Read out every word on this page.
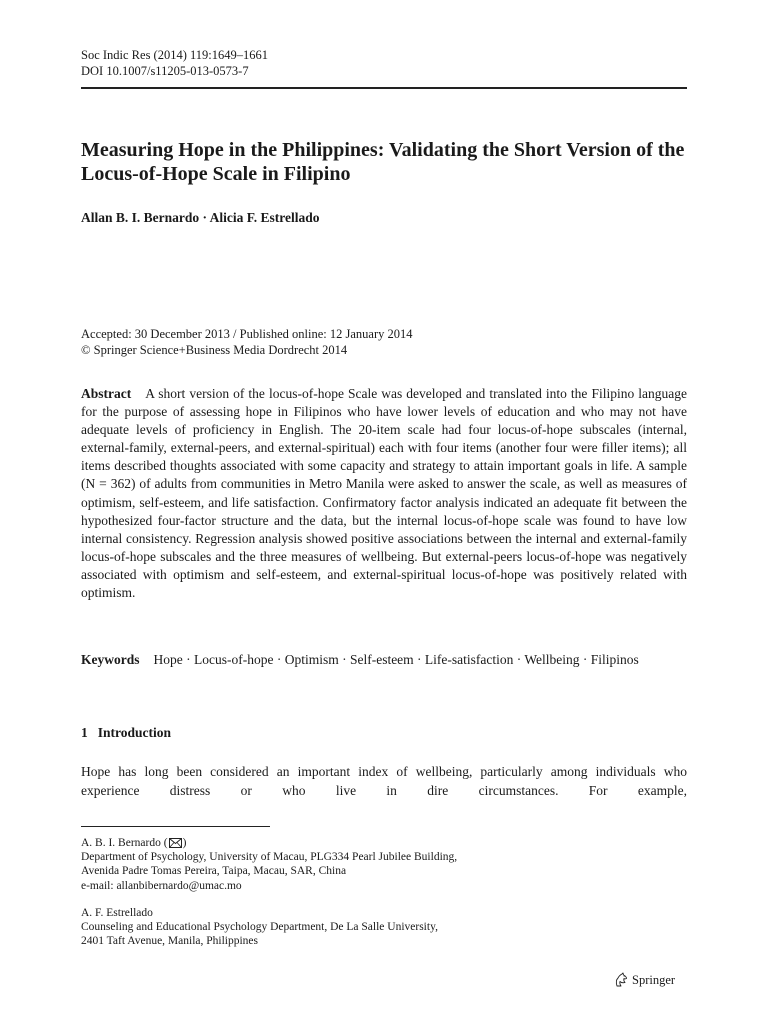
Soc Indic Res (2014) 119:1649–1661
DOI 10.1007/s11205-013-0573-7
Measuring Hope in the Philippines: Validating the Short Version of the Locus-of-Hope Scale in Filipino
Allan B. I. Bernardo · Alicia F. Estrellado
Accepted: 30 December 2013 / Published online: 12 January 2014
© Springer Science+Business Media Dordrecht 2014

Abstract A short version of the locus-of-hope Scale was developed and translated into the Filipino language for the purpose of assessing hope in Filipinos who have lower levels of education and who may not have adequate levels of proficiency in English. The 20-item scale had four locus-of-hope subscales (internal, external-family, external-peers, and external-spiritual) each with four items (another four were filler items); all items described thoughts associated with some capacity and strategy to attain important goals in life. A sample (N = 362) of adults from communities in Metro Manila were asked to answer the scale, as well as measures of optimism, self-esteem, and life satisfaction. Confirmatory factor analysis indicated an adequate fit between the hypothesized four-factor structure and the data, but the internal locus-of-hope scale was found to have low internal consistency. Regression analysis showed positive associations between the internal and external-family locus-of-hope subscales and the three measures of wellbeing. But external-peers locus-of-hope was negatively associated with optimism and self-esteem, and external-spiritual locus-of-hope was positively related with optimism.

Keywords Hope · Locus-of-hope · Optimism · Self-esteem · Life-satisfaction · Wellbeing · Filipinos

1 Introduction

Hope has long been considered an important index of wellbeing, particularly among individuals who experience distress or who live in dire circumstances. For example,

A. B. I. Bernardo ( )
Department of Psychology, University of Macau, PLG334 Pearl Jubilee Building,
Avenida Padre Tomas Pereira, Taipa, Macau, SAR, China
e-mail: allanbibernardo@umac.mo
A. F. Estrellado
Counseling and Educational Psychology Department, De La Salle University,
2401 Taft Avenue, Manila, Philippines
Springer
